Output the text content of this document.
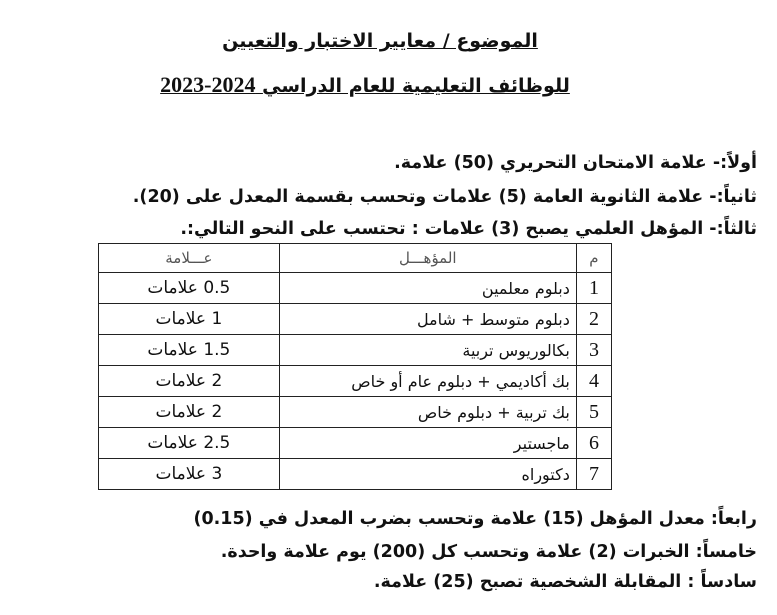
الموضوع / معايير الاختبار والتعيين
للوظائف التعليمية للعام الدراسي 2023-2024
أولاً:- علامة الامتحان التحريري (50) علامة.
ثانياً:- علامة الثانوية العامة (5) علامات وتحسب بقسمة المعدل على (20).
ثالثاً:- المؤهل العلمي يصبح (3) علامات : تحتسب على النحو التالي:.
م	المؤهـــل	عـــلامة
1	دبلوم معلمين	0.5 علامات
2	دبلوم متوسط + شامل	1 علامات
3	بكالوريوس تربية	1.5 علامات
4	بك أكاديمي + دبلوم عام أو خاص	2 علامات
5	بك تربية + دبلوم خاص	2 علامات
6	ماجستير	2.5 علامات
7	دكتوراه	3 علامات
رابعاً: معدل المؤهل (15) علامة وتحسب بضرب المعدل في (0.15)
خامساً: الخبرات (2) علامة وتحسب كل (200) يوم علامة واحدة.
سادساً : المقابلة الشخصية تصبح (25) علامة.
